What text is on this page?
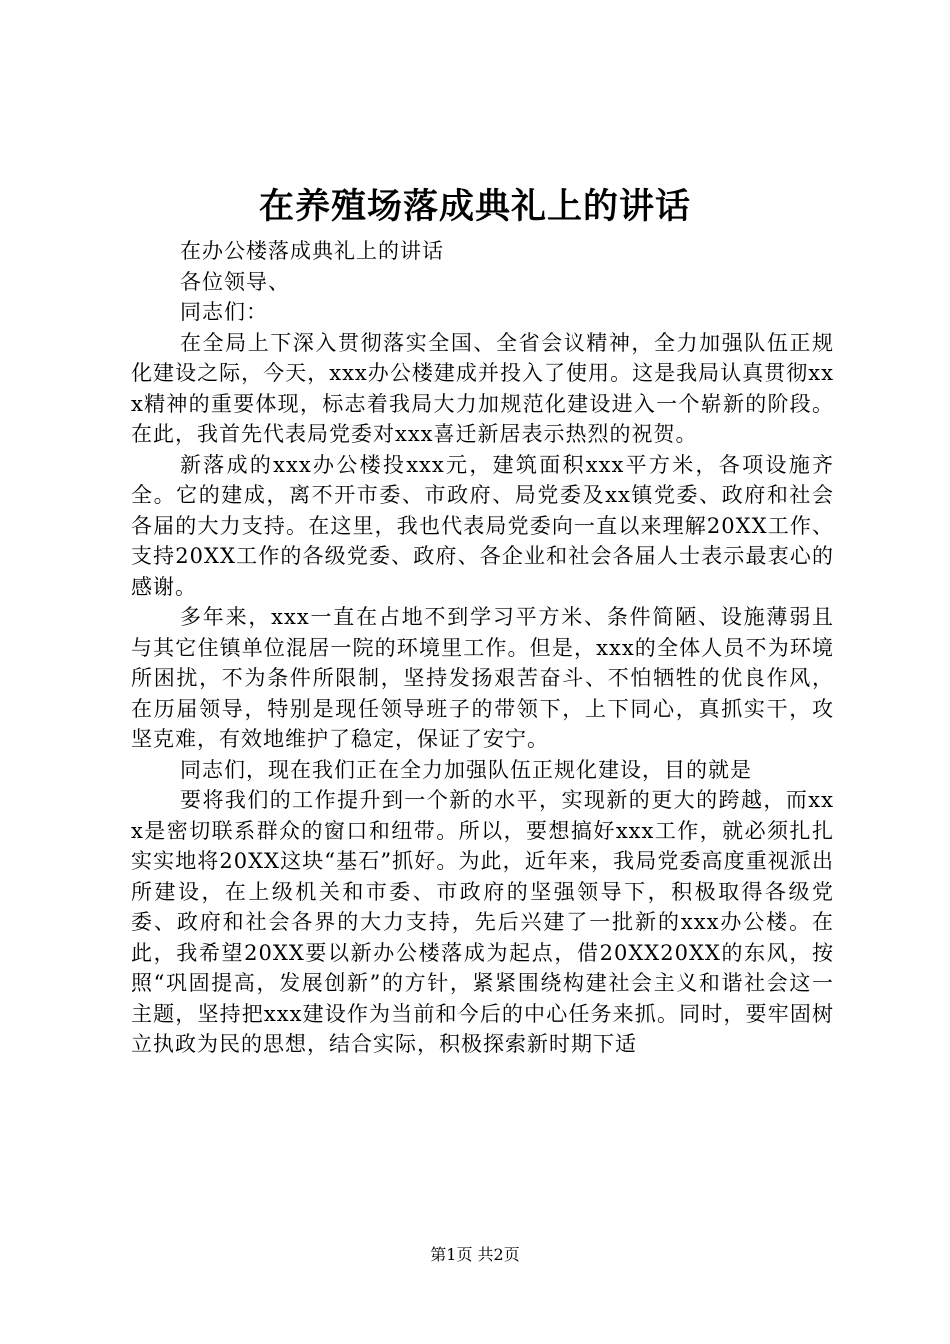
在养殖场落成典礼上的讲话

在办公楼落成典礼上的讲话

各位领导、

同志们：

在全局上下深入贯彻落实全国、全省会议精神，全力加强队伍正规化建设之际，今天，xxx办公楼建成并投入了使用。这是我局认真贯彻xxx精神的重要体现，标志着我局大力加规范化建设进入一个崭新的阶段。在此，我首先代表局党委对xxx喜迁新居表示热烈的祝贺。

新落成的xxx办公楼投xxx元，建筑面积xxx平方米，各项设施齐全。它的建成，离不开市委、市政府、局党委及xx镇党委、政府和社会各届的大力支持。在这里，我也代表局党委向一直以来理解20XX工作、支持20XX工作的各级党委、政府、各企业和社会各届人士表示最衷心的感谢。

多年来，xxx一直在占地不到学习平方米、条件简陋、设施薄弱且与其它住镇单位混居一院的环境里工作。但是，xxx的全体人员不为环境所困扰，不为条件所限制，坚持发扬艰苦奋斗、不怕牺牲的优良作风，在历届领导，特别是现任领导班子的带领下，上下同心，真抓实干，攻坚克难，有效地维护了稳定，保证了安宁。

同志们，现在我们正在全力加强队伍正规化建设，目的就是

要将我们的工作提升到一个新的水平，实现新的更大的跨越，而xxx是密切联系群众的窗口和纽带。所以，要想搞好xxx工作，就必须扎扎实实地将20XX这块“基石”抓好。为此，近年来，我局党委高度重视派出所建设，在上级机关和市委、市政府的坚强领导下，积极取得各级党委、政府和社会各界的大力支持，先后兴建了一批新的xxx办公楼。在此，我希望20XX要以新办公楼落成为起点，借20XX20XX的东风，按照“巩固提高，发展创新”的方针，紧紧围绕构建社会主义和谐社会这一主题，坚持把xxx建设作为当前和今后的中心任务来抓。同时，要牢固树立执政为民的思想，结合实际，积极探索新时期下适

第1页 共2页
